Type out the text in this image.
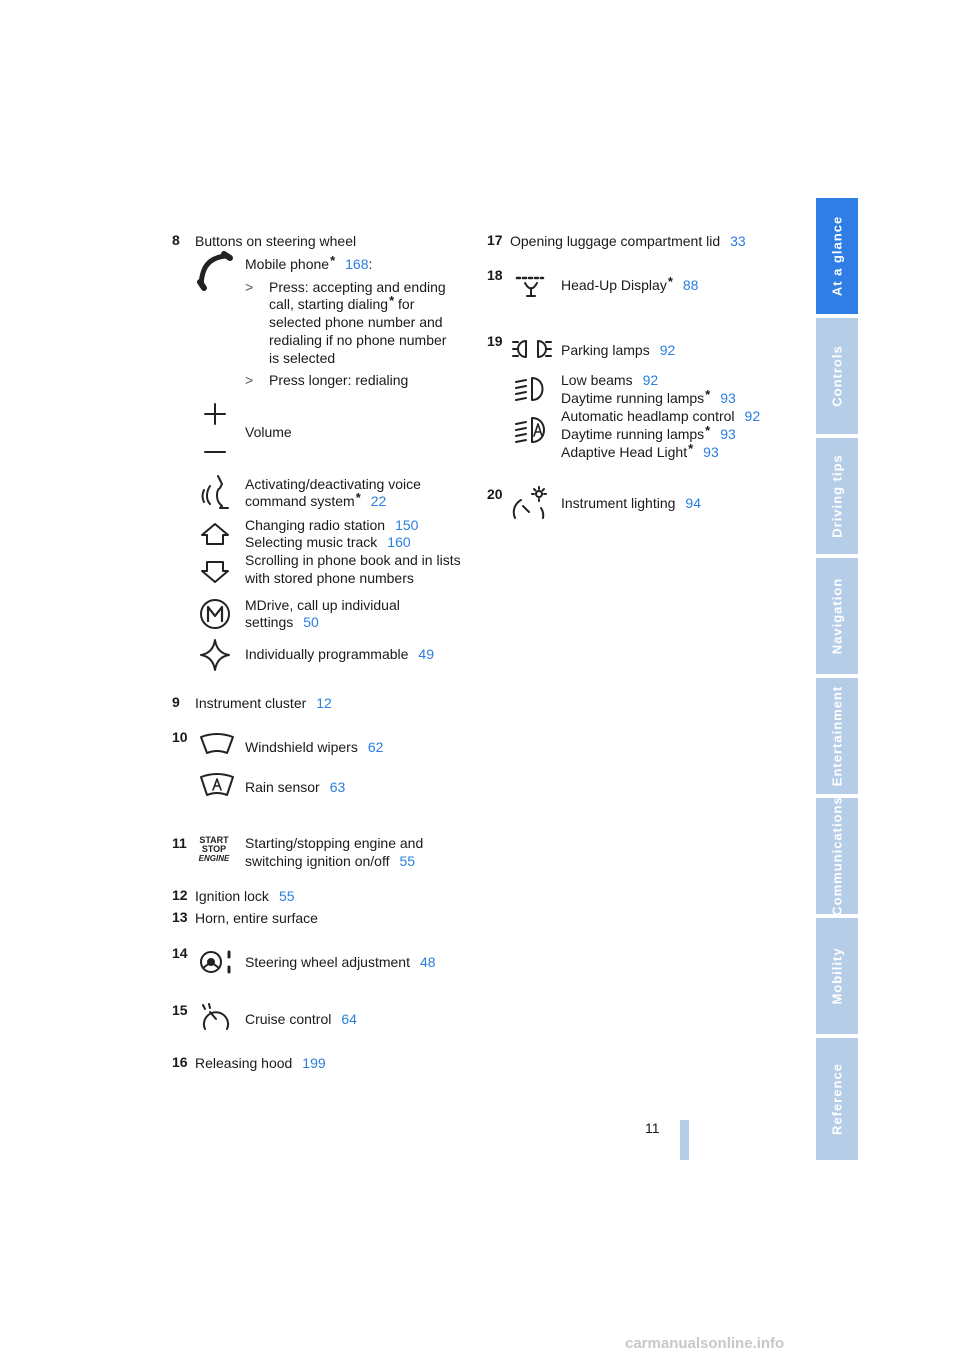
At a glance
Controls
Driving tips
Navigation
Entertainment
Communications
Mobility
Reference
8 Buttons on steering wheel
Mobile phone* 168:
> Press: accepting and ending
call, starting dialing* for
selected phone number and
redialing if no phone number
is selected
> Press longer: redialing
Volume
Activating/deactivating voice
command system* 22
Changing radio station 150
Selecting music track 160
Scrolling in phone book and in lists
with stored phone numbers
MDrive, call up individual
settings 50
Individually programmable 49
9 Instrument cluster 12
10
Windshield wipers 62
Rain sensor 63
11 START
STOP
ENGINE
Starting/stopping engine and
switching ignition on/off 55
12 Ignition lock 55
13 Horn, entire surface
14
Steering wheel adjustment 48
15
Cruise control 64
16 Releasing hood 199
17 Opening luggage compartment lid 33
18
Head-Up Display* 88
19
Parking lamps 92
Low beams 92
Daytime running lamps* 93
Automatic headlamp control 92
Daytime running lamps* 93
Adaptive Head Light* 93
20
Instrument lighting 94
11
carmanualsonline.info
